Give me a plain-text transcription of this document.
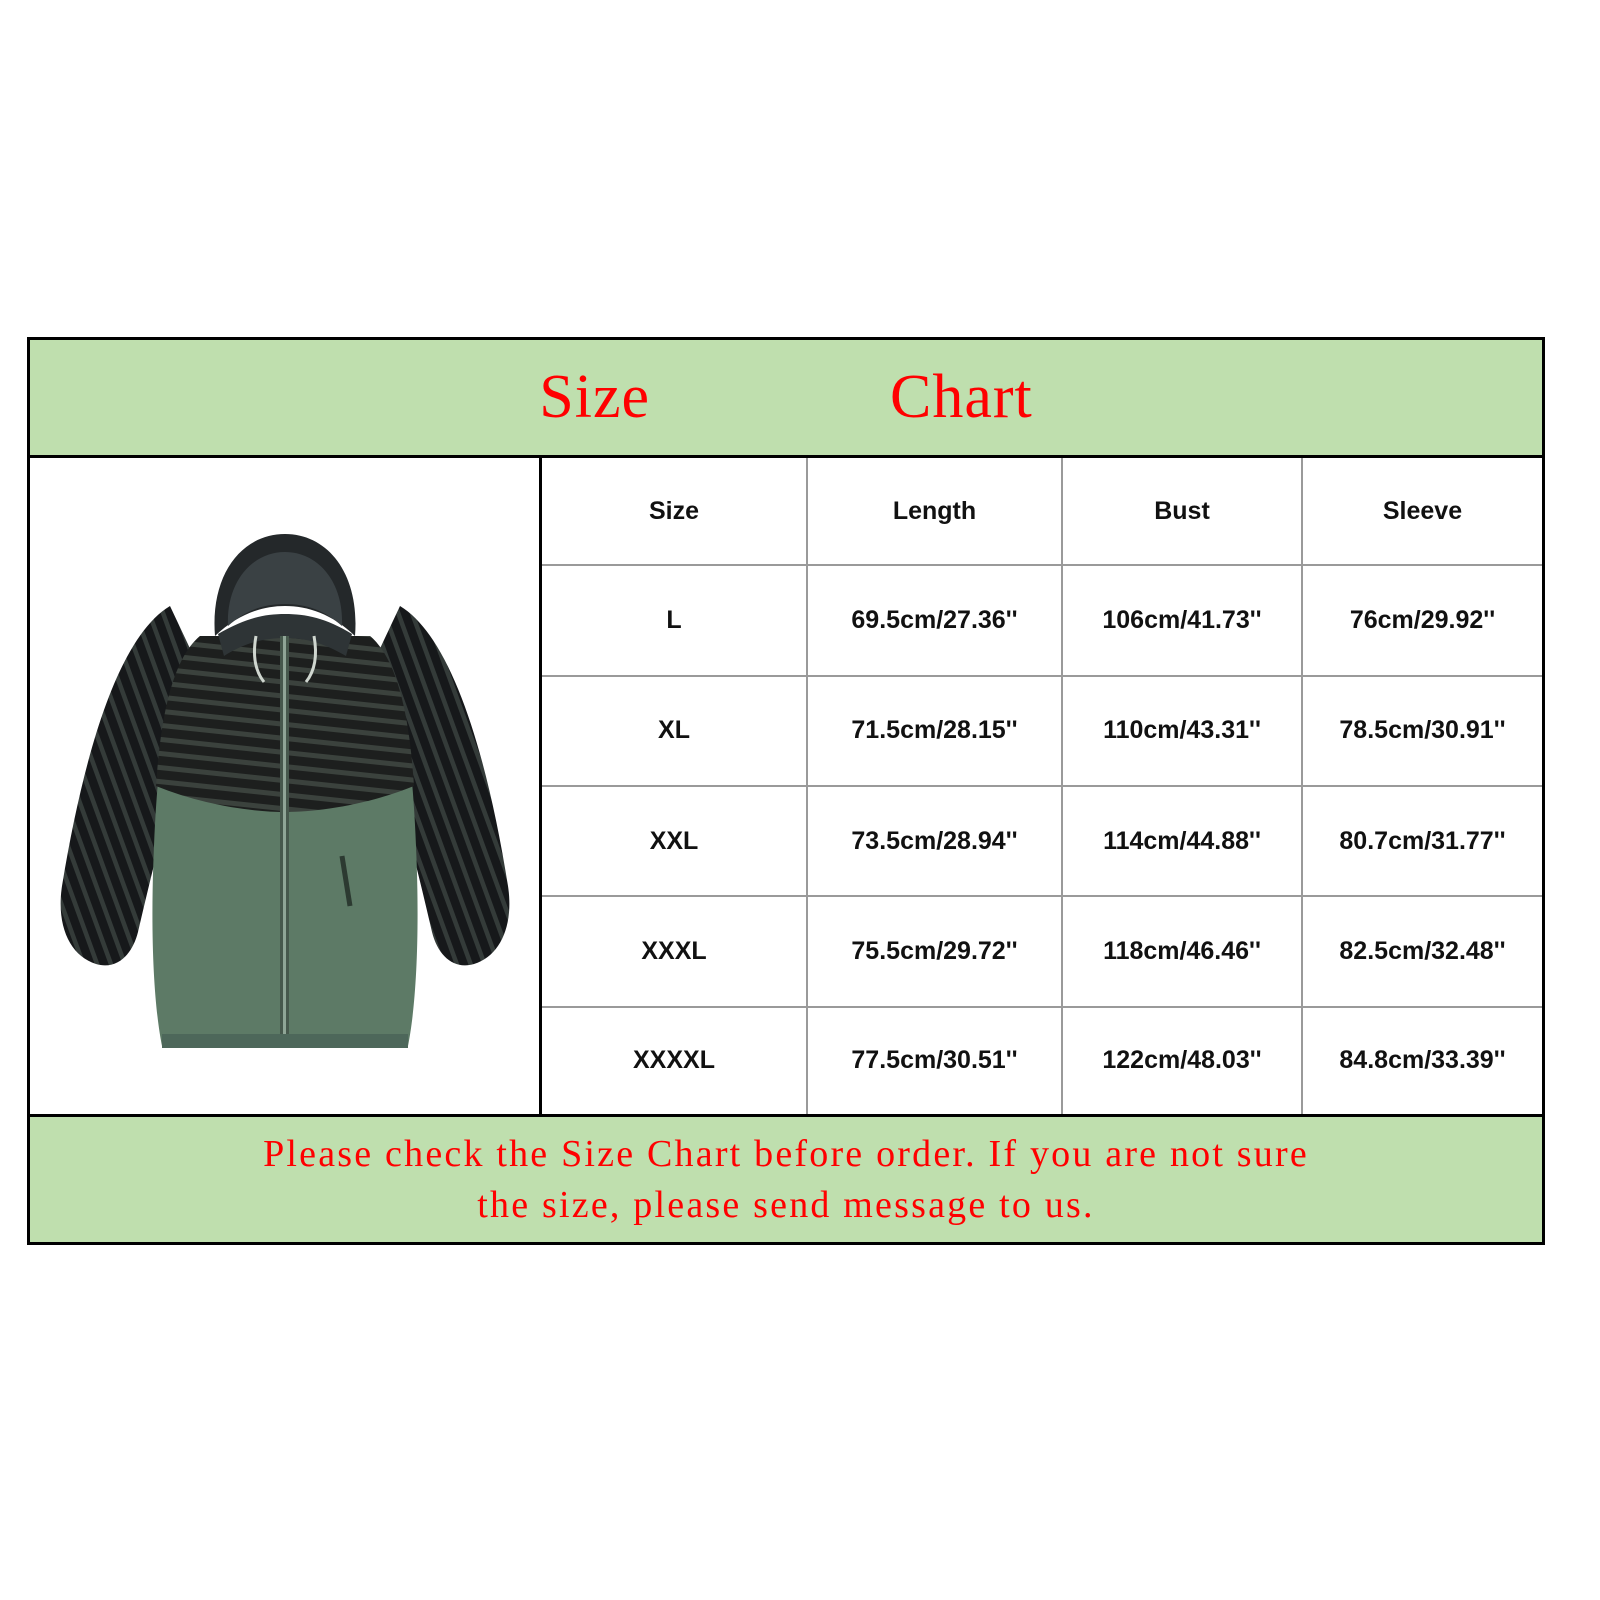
Size	Chart
Size	Length	Bust	Sleeve
L	69.5cm/27.36''	106cm/41.73''	76cm/29.92''
XL	71.5cm/28.15''	110cm/43.31''	78.5cm/30.91''
XXL	73.5cm/28.94''	114cm/44.88''	80.7cm/31.77''
XXXL	75.5cm/29.72''	118cm/46.46''	82.5cm/32.48''
XXXXL	77.5cm/30.51''	122cm/48.03''	84.8cm/33.39''
Please check the Size Chart before order. If you are not sure
the size, please send message to us.
